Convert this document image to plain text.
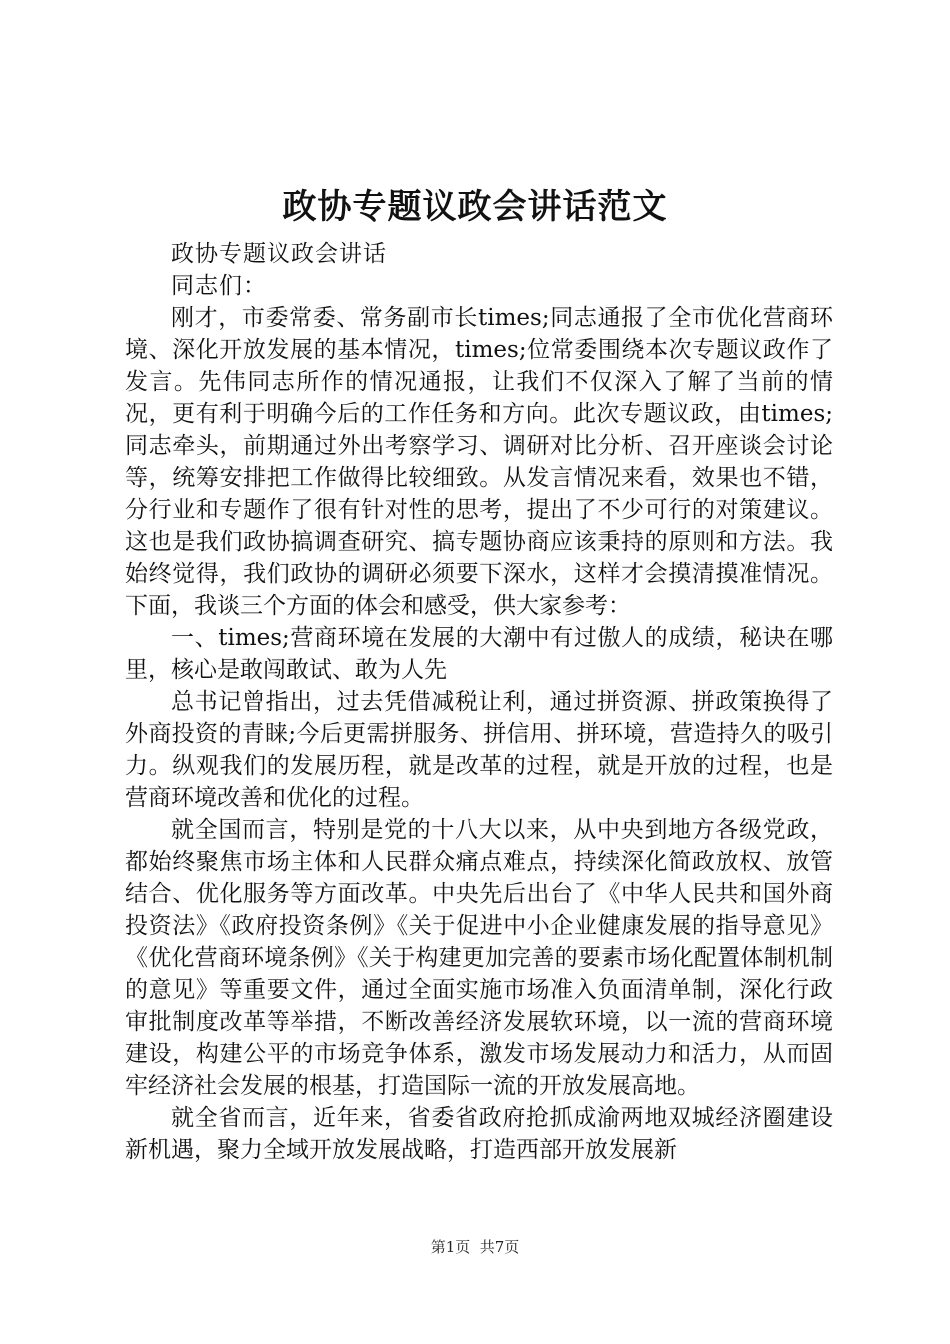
政协专题议政会讲话范文

政协专题议政会讲话

同志们：

刚才，市委常委、常务副市长times;同志通报了全市优化营商环境、深化开放发展的基本情况，times;位常委围绕本次专题议政作了发言。先伟同志所作的情况通报，让我们不仅深入了解了当前的情况，更有利于明确今后的工作任务和方向。此次专题议政，由times;同志牵头，前期通过外出考察学习、调研对比分析、召开座谈会讨论等，统筹安排把工作做得比较细致。从发言情况来看，效果也不错，分行业和专题作了很有针对性的思考，提出了不少可行的对策建议。这也是我们政协搞调查研究、搞专题协商应该秉持的原则和方法。我始终觉得，我们政协的调研必须要下深水，这样才会摸清摸准情况。下面，我谈三个方面的体会和感受，供大家参考：

一、times;营商环境在发展的大潮中有过傲人的成绩，秘诀在哪里，核心是敢闯敢试、敢为人先

总书记曾指出，过去凭借减税让利，通过拼资源、拼政策换得了外商投资的青睐;今后更需拼服务、拼信用、拼环境，营造持久的吸引力。纵观我们的发展历程，就是改革的过程，就是开放的过程，也是营商环境改善和优化的过程。

就全国而言，特别是党的十八大以来，从中央到地方各级党政，都始终聚焦市场主体和人民群众痛点难点，持续深化简政放权、放管结合、优化服务等方面改革。中央先后出台了《中华人民共和国外商投资法》《政府投资条例》《关于促进中小企业健康发展的指导意见》《优化营商环境条例》《关于构建更加完善的要素市场化配置体制机制的意见》等重要文件，通过全面实施市场准入负面清单制，深化行政审批制度改革等举措，不断改善经济发展软环境，以一流的营商环境建设，构建公平的市场竞争体系，激发市场发展动力和活力，从而固牢经济社会发展的根基，打造国际一流的开放发展高地。

就全省而言，近年来，省委省政府抢抓成渝两地双城经济圈建设新机遇，聚力全域开放发展战略，打造西部开放发展新

第1页  共7页
